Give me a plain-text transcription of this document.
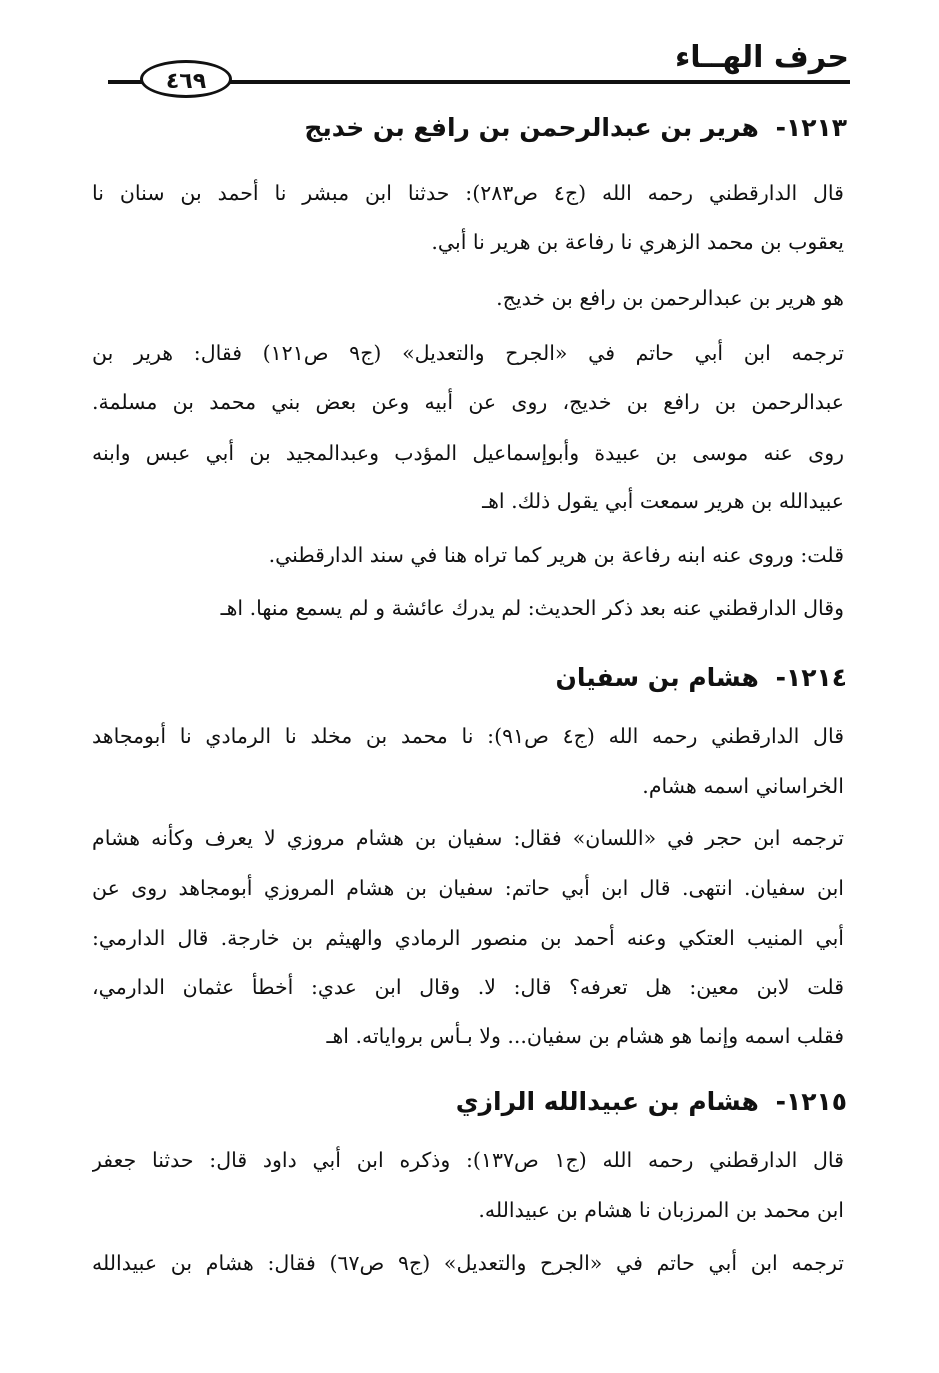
حرف الهــاء
٤٦٩
١٢١٣- هرير بن عبدالرحمن بن رافع بن خديج
قال الدارقطني رحمه الله (ج٤ ص٢٨٣): حدثنا ابن مبشر نا أحمد بن سنان نا
يعقوب بن محمد الزهري نا رفاعة بن هرير نا أبي.
هو هرير بن عبدالرحمن بن رافع بن خديج.
ترجمه ابن أبي حاتم في «الجرح والتعديل» (ج٩ ص١٢١) فقال: هرير بن
عبدالرحمن بن رافع بن خديج، روى عن أبيه وعن بعض بني محمد بن مسلمة.
روى عنه موسى بن عبيدة وأبوإسماعيل المؤدب وعبدالمجيد بن أبي عبس وابنه
عبيدالله بن هرير سمعت أبي يقول ذلك. اهـ
قلت: وروى عنه ابنه رفاعة بن هرير كما تراه هنا في سند الدارقطني.
وقال الدارقطني عنه بعد ذكر الحديث: لم يدرك عائشة و لم يسمع منها. اهـ
١٢١٤- هشام بن سفيان
قال الدارقطني رحمه الله (ج٤ ص٩١): نا محمد بن مخلد نا الرمادي نا أبومجاهد
الخراساني اسمه هشام.
ترجمه ابن حجر في «اللسان» فقال: سفيان بن هشام مروزي لا يعرف وكأنه هشام
ابن سفيان. انتهى. قال ابن أبي حاتم: سفيان بن هشام المروزي أبومجاهد روى عن
أبي المنيب العتكي وعنه أحمد بن منصور الرمادي والهيثم بن خارجة. قال الدارمي:
قلت لابن معين: هل تعرفه؟ قال: لا. وقال ابن عدي: أخطأ عثمان الدارمي،
فقلب اسمه وإنما هو هشام بن سفيان... ولا بـأس برواياته. اهـ
١٢١٥- هشام بن عبيدالله الرازي
قال الدارقطني رحمه الله (ج١ ص١٣٧): وذكره ابن أبي داود قال: حدثنا جعفر
ابن محمد بن المرزبان نا هشام بن عبيدالله.
ترجمه ابن أبي حاتم في «الجرح والتعديل» (ج٩ ص٦٧) فقال: هشام بن عبيدالله
